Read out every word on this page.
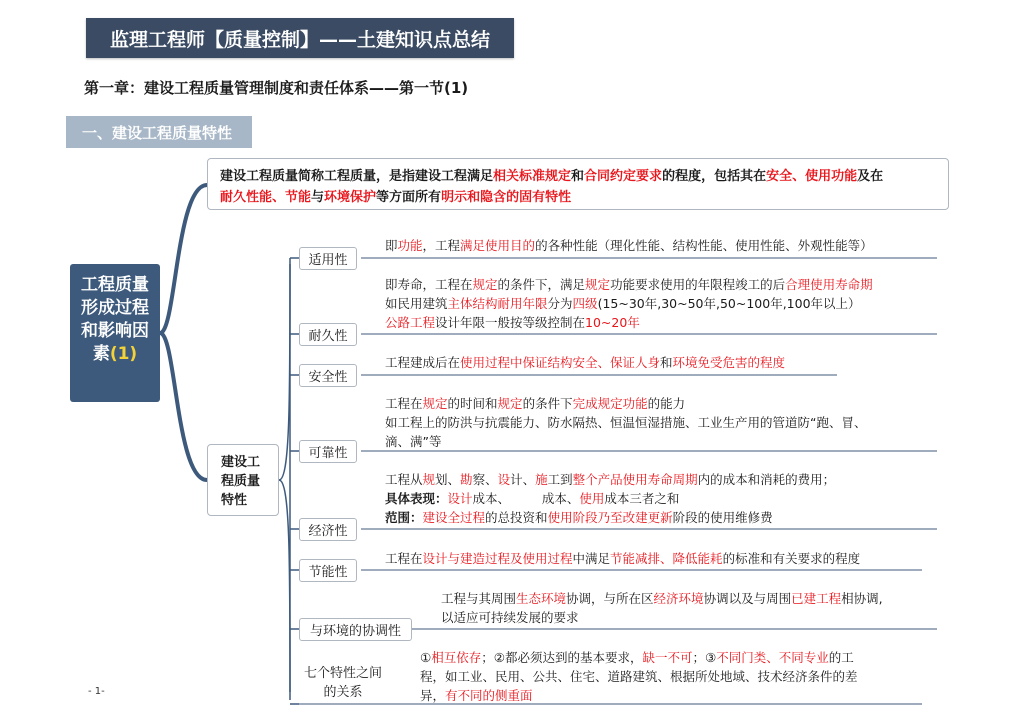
监理工程师【质量控制】——土建知识点总结
第一章：建设工程质量管理制度和责任体系——第一节(1)
一、建设工程质量特性
建设工程质量简称工程质量，是指建设工程满足相关标准规定和合同约定要求的程度，包括其在安全、使用功能及在
耐久性能、节能与环境保护等方面所有明示和隐含的固有特性
工程质量形成过程和影响因素(1)
建设工程质量特性
适用性
即功能，工程满足使用目的的各种性能（理化性能、结构性能、使用性能、外观性能等）
耐久性
即寿命，工程在规定的条件下，满足规定功能要求使用的年限程竣工的后合理使用寿命期
如民用建筑主体结构耐用年限分为四级(15~30年,30~50年,50~100年,100年以上）
公路工程设计年限一般按等级控制在10~20年
安全性
工程建成后在使用过程中保证结构安全、保证人身和环境免受危害的程度
可靠性
工程在规定的时间和规定的条件下完成规定功能的能力
如工程上的防洪与抗震能力、防水隔热、恒温恒湿措施、工业生产用的管道防“跑、冒、
滴、满”等
经济性
工程从规划、勘察、设计、施工到整个产品使用寿命周期内的成本和消耗的费用；
具体表现：设计成本、        成本、使用成本三者之和
范围：建设全过程的总投资和使用阶段乃至改建更新阶段的使用维修费
节能性
工程在设计与建造过程及使用过程中满足节能减排、降低能耗的标准和有关要求的程度
与环境的协调性
工程与其周围生态环境协调，与所在区经济环境协调以及与周围已建工程相协调,
以适应可持续发展的要求
七个特性之间的关系
①相互依存；②都必须达到的基本要求，缺一不可；③不同门类、不同专业的工
程，如工业、民用、公共、住宅、道路建筑、根据所处地域、技术经济条件的差
异，有不同的侧重面
- 1-
